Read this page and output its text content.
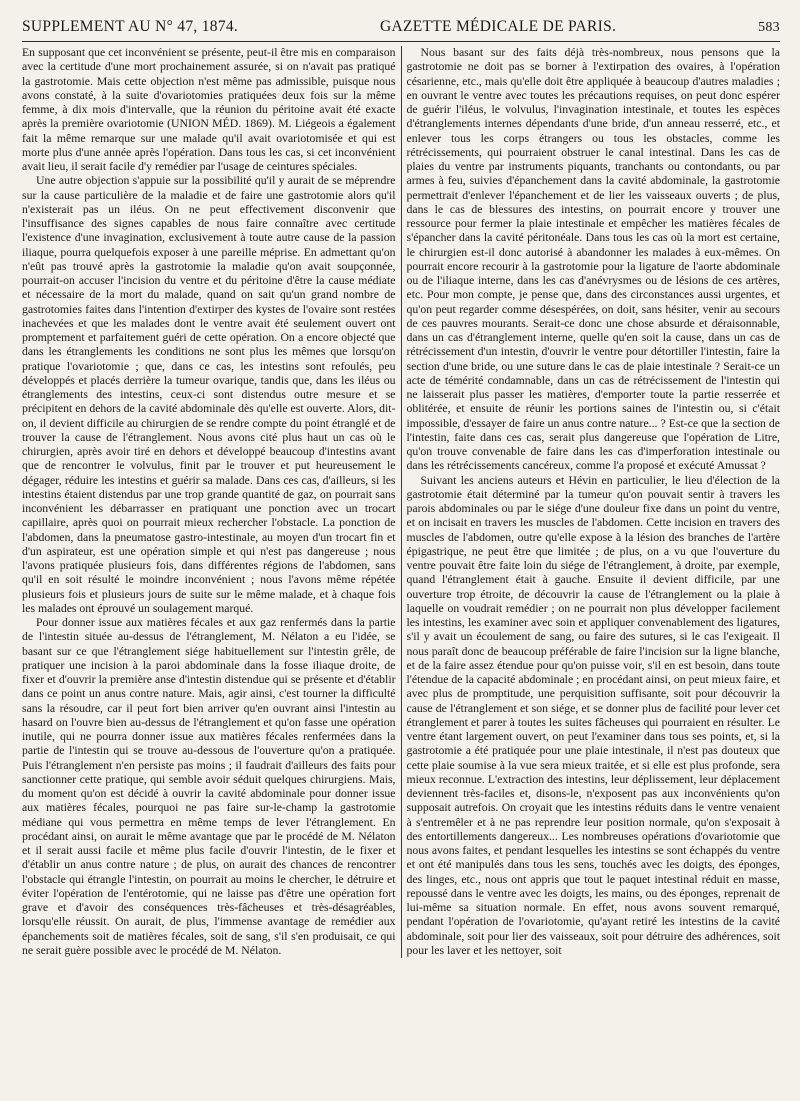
SUPPLEMENT AU N° 47, 1874.	GAZETTE MÉDICALE DE PARIS.	583

En supposant que cet inconvénient se présente, peut-il être mis en comparaison avec la certitude d'une mort prochainement assurée, si on n'avait pas pratiqué la gastrotomie. Mais cette objection n'est même pas admissible, puisque nous avons constaté, à la suite d'ovariotomies pratiquées deux fois sur la même femme, à dix mois d'intervalle, que la réunion du péritoine avait été exacte après la première ovariotomie (UNION MÉD. 1869). M. Liégeois a également fait la même remarque sur une malade qu'il avait ovariotomisée et qui est morte plus d'une année après l'opération. Dans tous les cas, si cet inconvénient avait lieu, il serait facile d'y remédier par l'usage de ceintures spéciales.

Une autre objection s'appuie sur la possibilité qu'il y aurait de se méprendre sur la cause particulière de la maladie et de faire une gastrotomie alors qu'il n'existerait pas un iléus. On ne peut effectivement disconvenir que l'insuffisance des signes capables de nous faire connaître avec certitude l'existence d'une invagination, exclusivement à toute autre cause de la passion iliaque, pourra quelquefois exposer à une pareille méprise. En admettant qu'on n'eût pas trouvé après la gastrotomie la maladie qu'on avait soupçonnée, pourrait-on accuser l'incision du ventre et du péritoine d'être la cause médiate et nécessaire de la mort du malade, quand on sait qu'un grand nombre de gastrotomies faites dans l'intention d'extirper des kystes de l'ovaire sont restées inachevées et que les malades dont le ventre avait été seulement ouvert ont promptement et parfaitement guéri de cette opération. On a encore objecté que dans les étranglements les conditions ne sont plus les mêmes que lorsqu'on pratique l'ovariotomie ; que, dans ce cas, les intestins sont refoulés, peu développés et placés derrière la tumeur ovarique, tandis que, dans les iléus ou étranglements des intestins, ceux-ci sont distendus outre mesure et se précipitent en dehors de la cavité abdominale dès qu'elle est ouverte. Alors, dit-on, il devient difficile au chirurgien de se rendre compte du point étranglé et de trouver la cause de l'étranglement. Nous avons cité plus haut un cas où le chirurgien, après avoir tiré en dehors et développé beaucoup d'intestins avant que de rencontrer le volvulus, finit par le trouver et put heureusement le dégager, réduire les intestins et guérir sa malade. Dans ces cas, d'ailleurs, si les intestins étaient distendus par une trop grande quantité de gaz, on pourrait sans inconvénient les débarrasser en pratiquant une ponction avec un trocart capillaire, après quoi on pourrait mieux rechercher l'obstacle. La ponction de l'abdomen, dans la pneumatose gastro-intestinale, au moyen d'un trocart fin et d'un aspirateur, est une opération simple et qui n'est pas dangereuse ; nous l'avons pratiquée plusieurs fois, dans différentes régions de l'abdomen, sans qu'il en soit résulté le moindre inconvénient ; nous l'avons même répétée plusieurs fois et plusieurs jours de suite sur le même malade, et à chaque fois les malades ont éprouvé un soulagement marqué.

Pour donner issue aux matières fécales et aux gaz renfermés dans la partie de l'intestin située au-dessus de l'étranglement, M. Nélaton a eu l'idée, se basant sur ce que l'étranglement siége habituellement sur l'intestin grêle, de pratiquer une incision à la paroi abdominale dans la fosse iliaque droite, de fixer et d'ouvrir la première anse d'intestin distendue qui se présente et d'établir dans ce point un anus contre nature. Mais, agir ainsi, c'est tourner la difficulté sans la résoudre, car il peut fort bien arriver qu'en ouvrant ainsi l'intestin au hasard on l'ouvre bien au-dessus de l'étranglement et qu'on fasse une opération inutile, qui ne pourra donner issue aux matières fécales renfermées dans la partie de l'intestin qui se trouve au-dessous de l'ouverture qu'on a pratiquée. Puis l'étranglement n'en persiste pas moins ; il faudrait d'ailleurs des faits pour sanctionner cette pratique, qui semble avoir séduit quelques chirurgiens. Mais, du moment qu'on est décidé à ouvrir la cavité abdominale pour donner issue aux matières fécales, pourquoi ne pas faire sur-le-champ la gastrotomie médiane qui vous permettra en même temps de lever l'étranglement. En procédant ainsi, on aurait le même avantage que par le procédé de M. Nélaton et il serait aussi facile et même plus facile d'ouvrir l'intestin, de le fixer et d'établir un anus contre nature ; de plus, on aurait des chances de rencontrer l'obstacle qui étrangle l'intestin, on pourrait au moins le chercher, le détruire et éviter l'opération de l'entérotomie, qui ne laisse pas d'être une opération fort grave et d'avoir des conséquences très-fâcheuses et très-désagréables, lorsqu'elle réussit. On aurait, de plus, l'immense avantage de remédier aux épanchements soit de matières fécales, soit de sang, s'il s'en produisait, ce qui ne serait guère possible avec le procédé de M. Nélaton.

Nous basant sur des faits déjà très-nombreux, nous pensons que la gastrotomie ne doit pas se borner à l'extirpation des ovaires, à l'opération césarienne, etc., mais qu'elle doit être appliquée à beaucoup d'autres maladies ; en ouvrant le ventre avec toutes les précautions requises, on peut donc espérer de guérir l'iléus, le volvulus, l'invagination intestinale, et toutes les espèces d'étranglements internes dépendants d'une bride, d'un anneau resserré, etc., et enlever tous les corps étrangers ou tous les obstacles, comme les rétrécissements, qui pourraient obstruer le canal intestinal. Dans les cas de plaies du ventre par instruments piquants, tranchants ou contondants, ou par armes à feu, suivies d'épanchement dans la cavité abdominale, la gastrotomie permettrait d'enlever l'épanchement et de lier les vaisseaux ouverts ; de plus, dans le cas de blessures des intestins, on pourrait encore y trouver une ressource pour fermer la plaie intestinale et empêcher les matières fécales de s'épancher dans la cavité péritonéale. Dans tous les cas où la mort est certaine, le chirurgien est-il donc autorisé à abandonner les malades à eux-mêmes. On pourrait encore recourir à la gastrotomie pour la ligature de l'aorte abdominale ou de l'iliaque interne, dans les cas d'anévrysmes ou de lésions de ces artères, etc. Pour mon compte, je pense que, dans des circonstances aussi urgentes, et qu'on peut regarder comme désespérées, on doit, sans hésiter, venir au secours de ces pauvres mourants. Serait-ce donc une chose absurde et déraisonnable, dans un cas d'étranglement interne, quelle qu'en soit la cause, dans un cas de rétrécissement d'un intestin, d'ouvrir le ventre pour détortiller l'intestin, faire la section d'une bride, ou une suture dans le cas de plaie intestinale ? Serait-ce un acte de témérité condamnable, dans un cas de rétrécissement de l'intestin qui ne laisserait plus passer les matières, d'emporter toute la partie resserrée et oblitérée, et ensuite de réunir les portions saines de l'intestin ou, si c'était impossible, d'essayer de faire un anus contre nature... ? Est-ce que la section de l'intestin, faite dans ces cas, serait plus dangereuse que l'opération de Litre, qu'on trouve convenable de faire dans les cas d'imperforation intestinale ou dans les rétrécissements cancéreux, comme l'a proposé et exécuté Amussat ?

Suivant les anciens auteurs et Hévin en particulier, le lieu d'élection de la gastrotomie était déterminé par la tumeur qu'on pouvait sentir à travers les parois abdominales ou par le siége d'une douleur fixe dans un point du ventre, et on incisait en travers les muscles de l'abdomen. Cette incision en travers des muscles de l'abdomen, outre qu'elle expose à la lésion des branches de l'artère épigastrique, ne peut être que limitée ; de plus, on a vu que l'ouverture du ventre pouvait être faite loin du siége de l'étranglement, à droite, par exemple, quand l'étranglement était à gauche. Ensuite il devient difficile, par une ouverture trop étroite, de découvrir la cause de l'étranglement ou la plaie à laquelle on voudrait remédier ; on ne pourrait non plus développer facilement les intestins, les examiner avec soin et appliquer convenablement des ligatures, s'il y avait un écoulement de sang, ou faire des sutures, si le cas l'exigeait. Il nous paraît donc de beaucoup préférable de faire l'incision sur la ligne blanche, et de la faire assez étendue pour qu'on puisse voir, s'il en est besoin, dans toute l'étendue de la capacité abdominale ; en procédant ainsi, on peut mieux faire, et avec plus de promptitude, une perquisition suffisante, soit pour découvrir la cause de l'étranglement et son siége, et se donner plus de facilité pour lever cet étranglement et parer à toutes les suites fâcheuses qui pourraient en résulter. Le ventre étant largement ouvert, on peut l'examiner dans tous ses points, et, si la gastrotomie a été pratiquée pour une plaie intestinale, il n'est pas douteux que cette plaie soumise à la vue sera mieux traitée, et si elle est plus profonde, sera mieux reconnue. L'extraction des intestins, leur déplissement, leur déplacement deviennent très-faciles et, disons-le, n'exposent pas aux inconvénients qu'on supposait autrefois. On croyait que les intestins réduits dans le ventre venaient à s'entremêler et à ne pas reprendre leur position normale, qu'on s'exposait à des entortillements dangereux... Les nombreuses opérations d'ovariotomie que nous avons faites, et pendant lesquelles les intestins se sont échappés du ventre et ont été manipulés dans tous les sens, touchés avec les doigts, des éponges, des linges, etc., nous ont appris que tout le paquet intestinal réduit en masse, repoussé dans le ventre avec les doigts, les mains, ou des éponges, reprenait de lui-même sa situation normale. En effet, nous avons souvent remarqué, pendant l'opération de l'ovariotomie, qu'ayant retiré les intestins de la cavité abdominale, soit pour lier des vaisseaux, soit pour détruire des adhérences, soit pour les laver et les nettoyer, soit
